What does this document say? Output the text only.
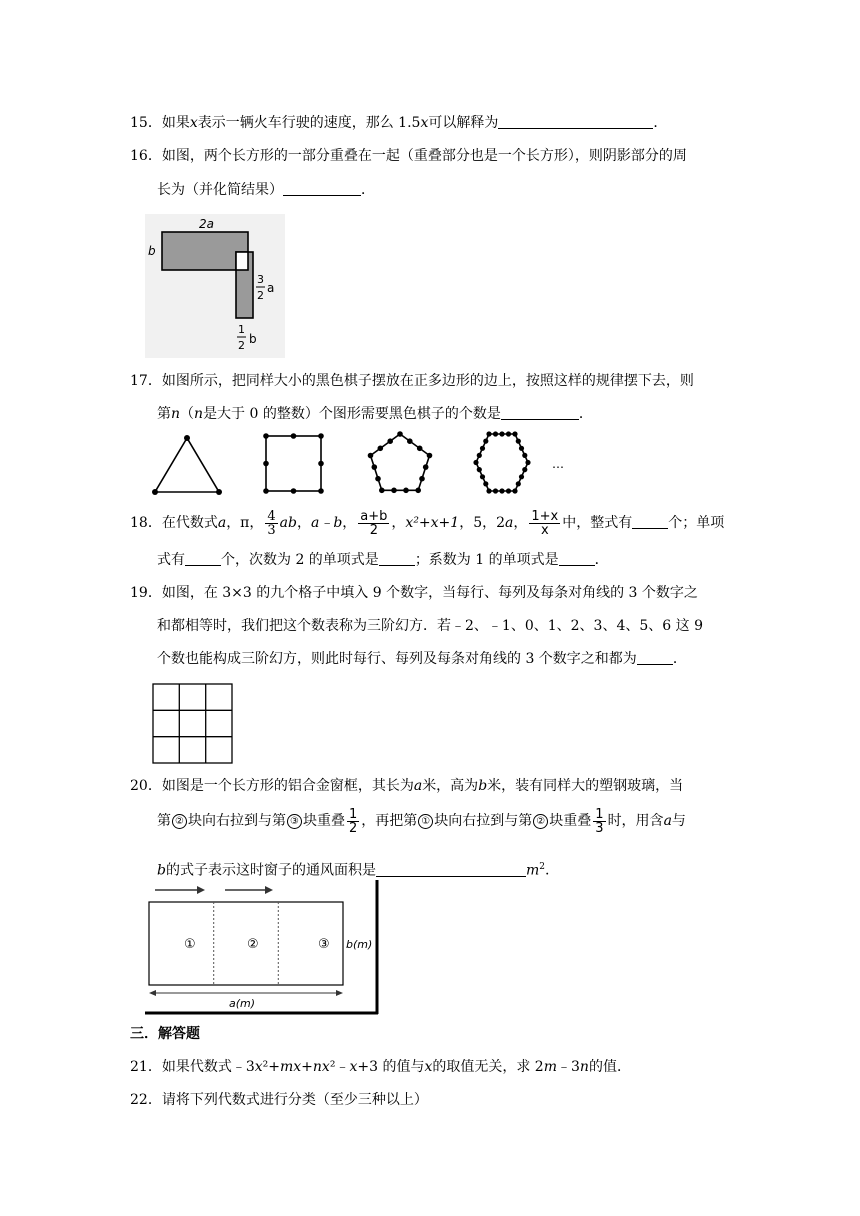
15．如果x表示一辆火车行驶的速度，那么 1.5x可以解释为	．
16．如图，两个长方形的一部分重叠在一起（重叠部分也是一个长方形），则阴影部分的周
长为（并化简结果）	．
2a
b
3
2
a
1
2 b
17．如图所示，把同样大小的黑色棋子摆放在正多边形的边上，按照这样的规律摆下去，则
第n（n是大于 0 的整数）个图形需要黑色棋子的个数是	．
…
18．在代数式a，π， $\frac{4}{3}$ ab，a﹣b， $\frac{a+b}{2}$ ，x²+x+1，5，2a， $\frac{1+x}{x}$ 中，整式有	个；单项
式有	个，次数为 2 的单项式是	；系数为 1 的单项式是	．
19．如图，在 3×3 的九个格子中填入 9 个数字，当每行、每列及每条对角线的 3 个数字之
和都相等时，我们把这个数表称为三阶幻方．若﹣2、﹣1、0、1、2、3、4、5、6 这 9
个数也能构成三阶幻方，则此时每行、每列及每条对角线的 3 个数字之和都为	．
20．如图是一个长方形的铝合金窗框，其长为a米，高为b米，装有同样大的塑钢玻璃，当
第 ② 块向右拉到与第 ③ 块重叠 $\frac{1}{2}$ ，再把第 ① 块向右拉到与第 ② 块重叠 $\frac{1}{3}$ 时，用含a与
b的式子表示这时窗子的通风面积是	$m^2$.
①	②	③ b(m)
a(m)
三．解答题
21．如果代数式﹣3x²+mx+nx²﹣x+3 的值与x的取值无关，求 2m﹣3n的值．
22．请将下列代数式进行分类（至少三种以上）
